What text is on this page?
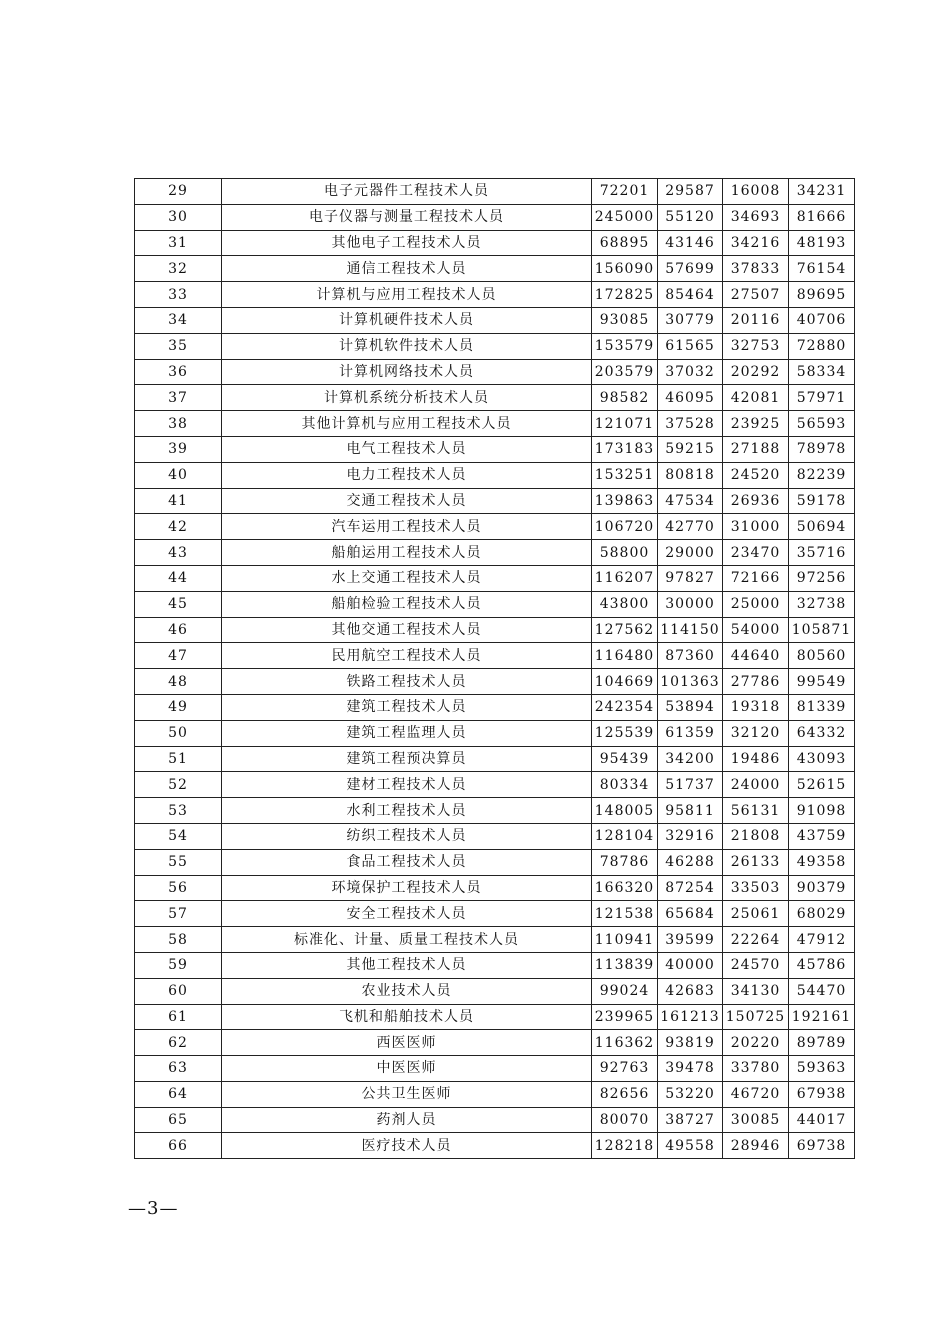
29	电子元器件工程技术人员	72201	29587	16008	34231
30	电子仪器与测量工程技术人员	245000	55120	34693	81666
31	其他电子工程技术人员	68895	43146	34216	48193
32	通信工程技术人员	156090	57699	37833	76154
33	计算机与应用工程技术人员	172825	85464	27507	89695
34	计算机硬件技术人员	93085	30779	20116	40706
35	计算机软件技术人员	153579	61565	32753	72880
36	计算机网络技术人员	203579	37032	20292	58334
37	计算机系统分析技术人员	98582	46095	42081	57971
38	其他计算机与应用工程技术人员	121071	37528	23925	56593
39	电气工程技术人员	173183	59215	27188	78978
40	电力工程技术人员	153251	80818	24520	82239
41	交通工程技术人员	139863	47534	26936	59178
42	汽车运用工程技术人员	106720	42770	31000	50694
43	船舶运用工程技术人员	58800	29000	23470	35716
44	水上交通工程技术人员	116207	97827	72166	97256
45	船舶检验工程技术人员	43800	30000	25000	32738
46	其他交通工程技术人员	127562	114150	54000	105871
47	民用航空工程技术人员	116480	87360	44640	80560
48	铁路工程技术人员	104669	101363	27786	99549
49	建筑工程技术人员	242354	53894	19318	81339
50	建筑工程监理人员	125539	61359	32120	64332
51	建筑工程预决算员	95439	34200	19486	43093
52	建材工程技术人员	80334	51737	24000	52615
53	水利工程技术人员	148005	95811	56131	91098
54	纺织工程技术人员	128104	32916	21808	43759
55	食品工程技术人员	78786	46288	26133	49358
56	环境保护工程技术人员	166320	87254	33503	90379
57	安全工程技术人员	121538	65684	25061	68029
58	标准化、计量、质量工程技术人员	110941	39599	22264	47912
59	其他工程技术人员	113839	40000	24570	45786
60	农业技术人员	99024	42683	34130	54470
61	飞机和船舶技术人员	239965	161213	150725	192161
62	西医医师	116362	93819	20220	89789
63	中医医师	92763	39478	33780	59363
64	公共卫生医师	82656	53220	46720	67938
65	药剂人员	80070	38727	30085	44017
66	医疗技术人员	128218	49558	28946	69738
—3—
